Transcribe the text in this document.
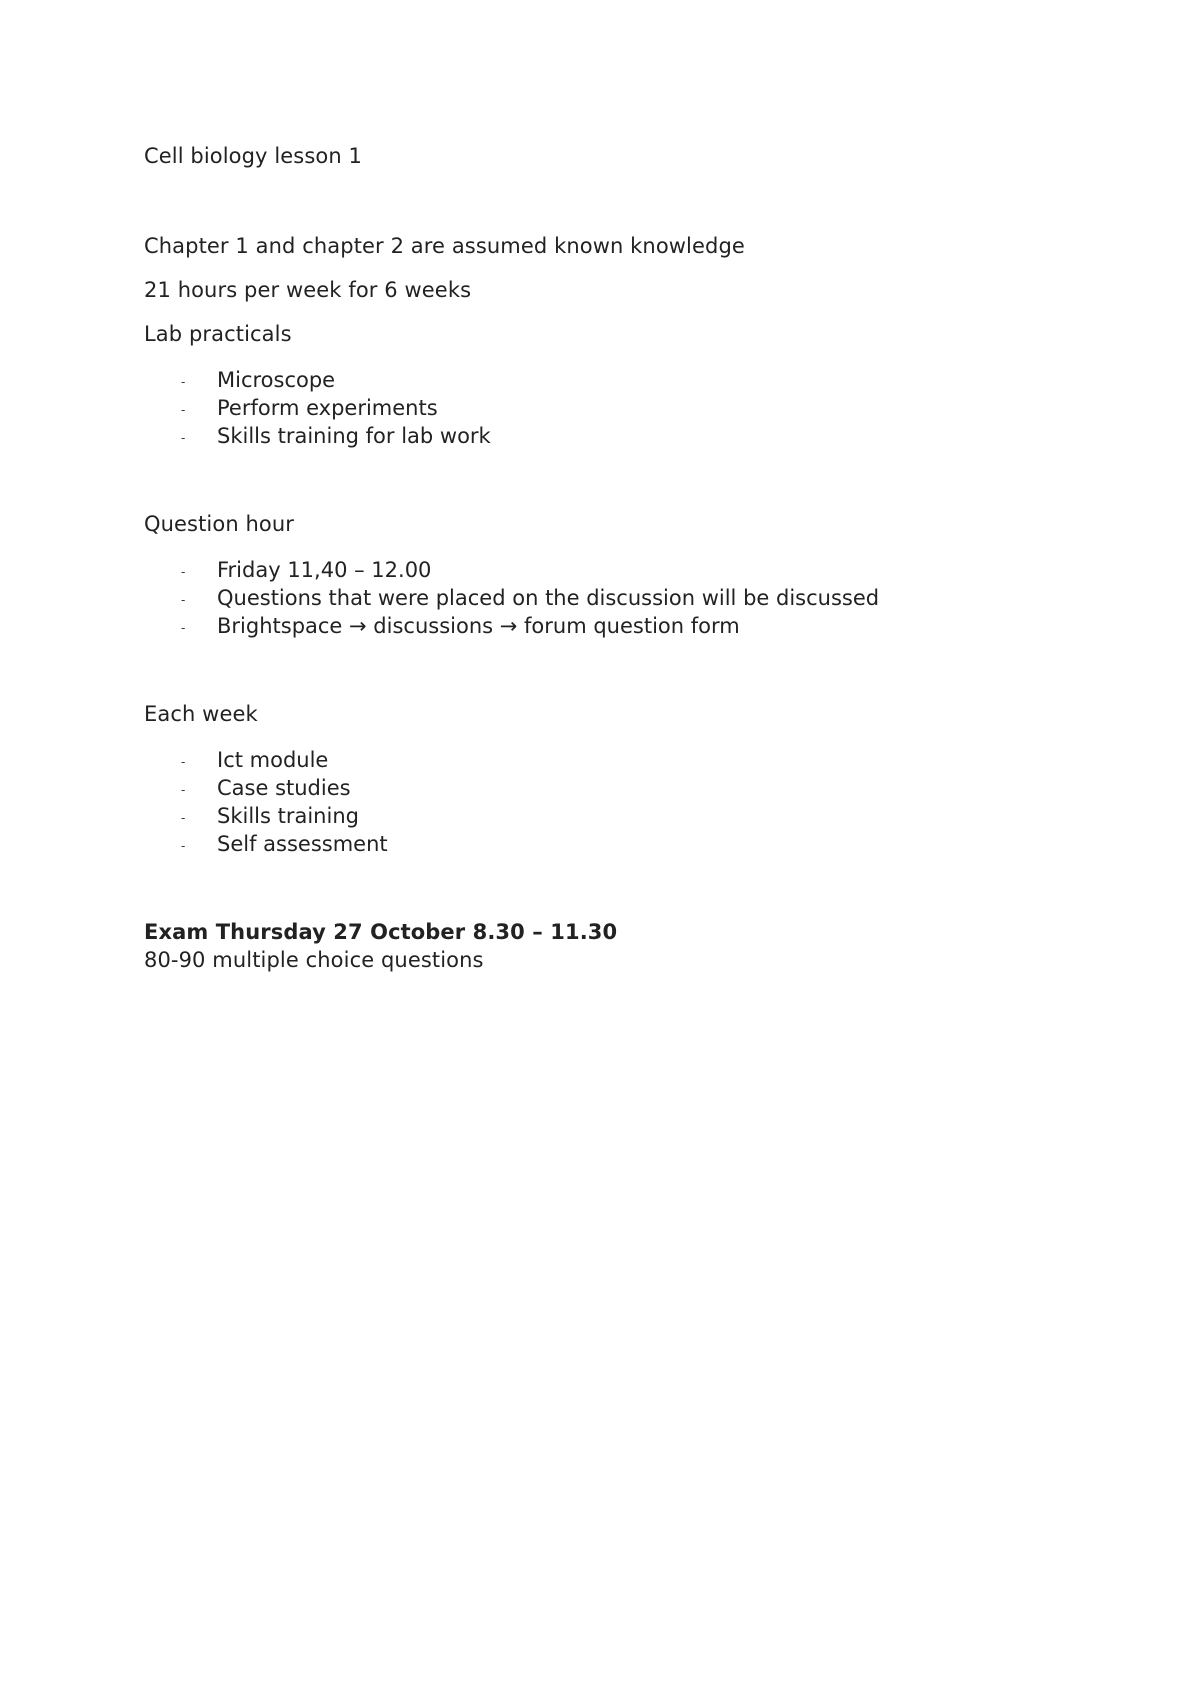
Cell biology lesson 1
Chapter 1 and chapter 2 are assumed known knowledge
21 hours per week for 6 weeks
Lab practicals
- Microscope
- Perform experiments
- Skills training for lab work
Question hour
- Friday 11,40 – 12.00
- Questions that were placed on the discussion will be discussed
- Brightspace → discussions → forum question form
Each week
- Ict module
- Case studies
- Skills training
- Self assessment
Exam Thursday 27 October 8.30 – 11.30
80-90 multiple choice questions
